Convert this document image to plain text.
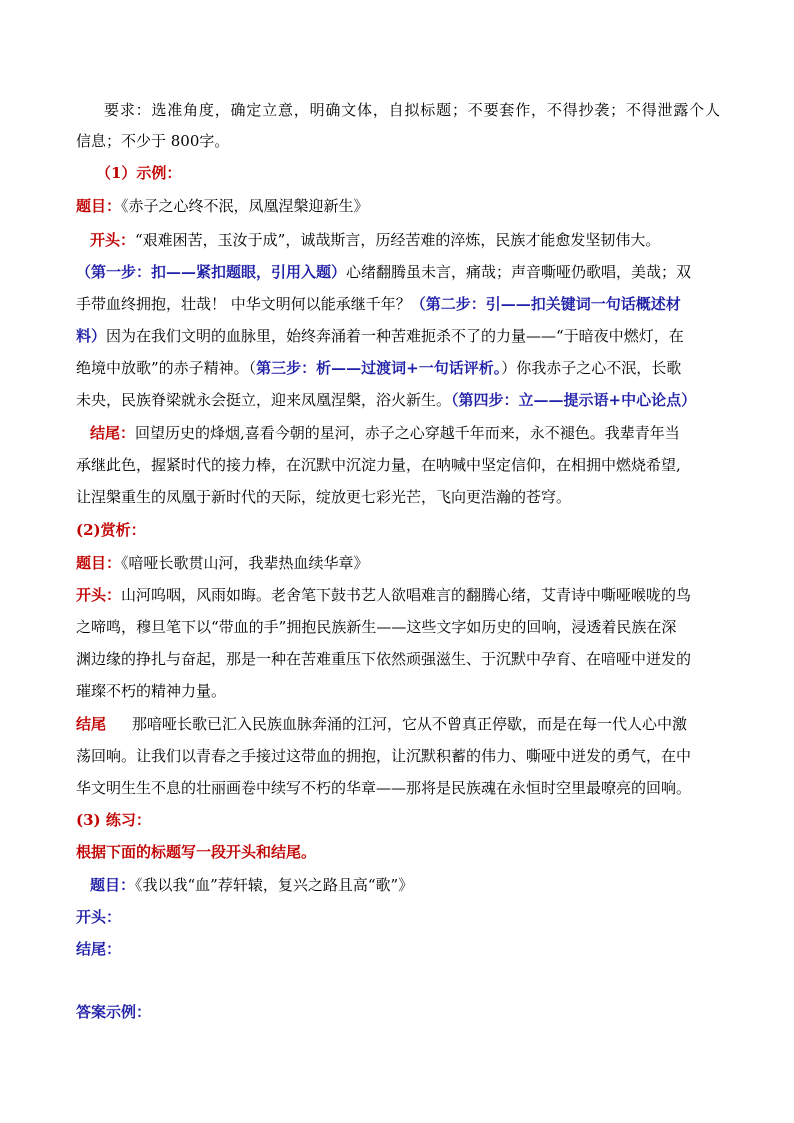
要求：选准角度，确定立意，明确文体，自拟标题；不要套作，不得抄袭；不得泄露个人
信息；不少于 800字。
（1）示例：
题目：《赤子之心终不泯，凤凰涅槃迎新生》
开头：“艰难困苦，玉汝于成”，诚哉斯言，历经苦难的淬炼，民族才能愈发坚韧伟大。
（第一步：扣——紧扣题眼，引用入题）心绪翻腾虽未言，痛哉；声音嘶哑仍歌唱，美哉；双
手带血终拥抱，壮哉！ 中华文明何以能承继千年？（第二步：引——扣关键词一句话概述材
料）因为在我们文明的血脉里，始终奔涌着一种苦难扼杀不了的力量——“于暗夜中燃灯，在
绝境中放歌”的赤子精神。（第三步：析——过渡词+一句话评析。）你我赤子之心不泯，长歌
未央，民族脊梁就永会挺立，迎来凤凰涅槃，浴火新生。（第四步：立——提示语+中心论点）
结尾：回望历史的烽烟,喜看今朝的星河，赤子之心穿越千年而来，永不褪色。我辈青年当
承继此色，握紧时代的接力棒，在沉默中沉淀力量，在呐喊中坚定信仰，在相拥中燃烧希望,
让涅槃重生的凤凰于新时代的天际，绽放更七彩光芒，飞向更浩瀚的苍穹。
(2)赏析：
题目：《喑哑长歌贯山河，我辈热血续华章》
开头：山河呜咽，风雨如晦。老舍笔下鼓书艺人欲唱难言的翻腾心绪，艾青诗中嘶哑喉咙的鸟
之啼鸣，穆旦笔下以“带血的手”拥抱民族新生——这些文字如历史的回响，浸透着民族在深
渊边缘的挣扎与奋起，那是一种在苦难重压下依然顽强滋生、于沉默中孕育、在喑哑中迸发的
璀璨不朽的精神力量。
结尾 那喑哑长歌已汇入民族血脉奔涌的江河，它从不曾真正停歇，而是在每一代人心中激
荡回响。让我们以青春之手接过这带血的拥抱，让沉默积蓄的伟力、嘶哑中迸发的勇气，在中
华文明生生不息的壮丽画卷中续写不朽的华章——那将是民族魂在永恒时空里最嘹亮的回响。
(3) 练习：
根据下面的标题写一段开头和结尾。
题目：《我以我“血”荐轩辕，复兴之路且高“歌”》
开头：
结尾：
答案示例：
